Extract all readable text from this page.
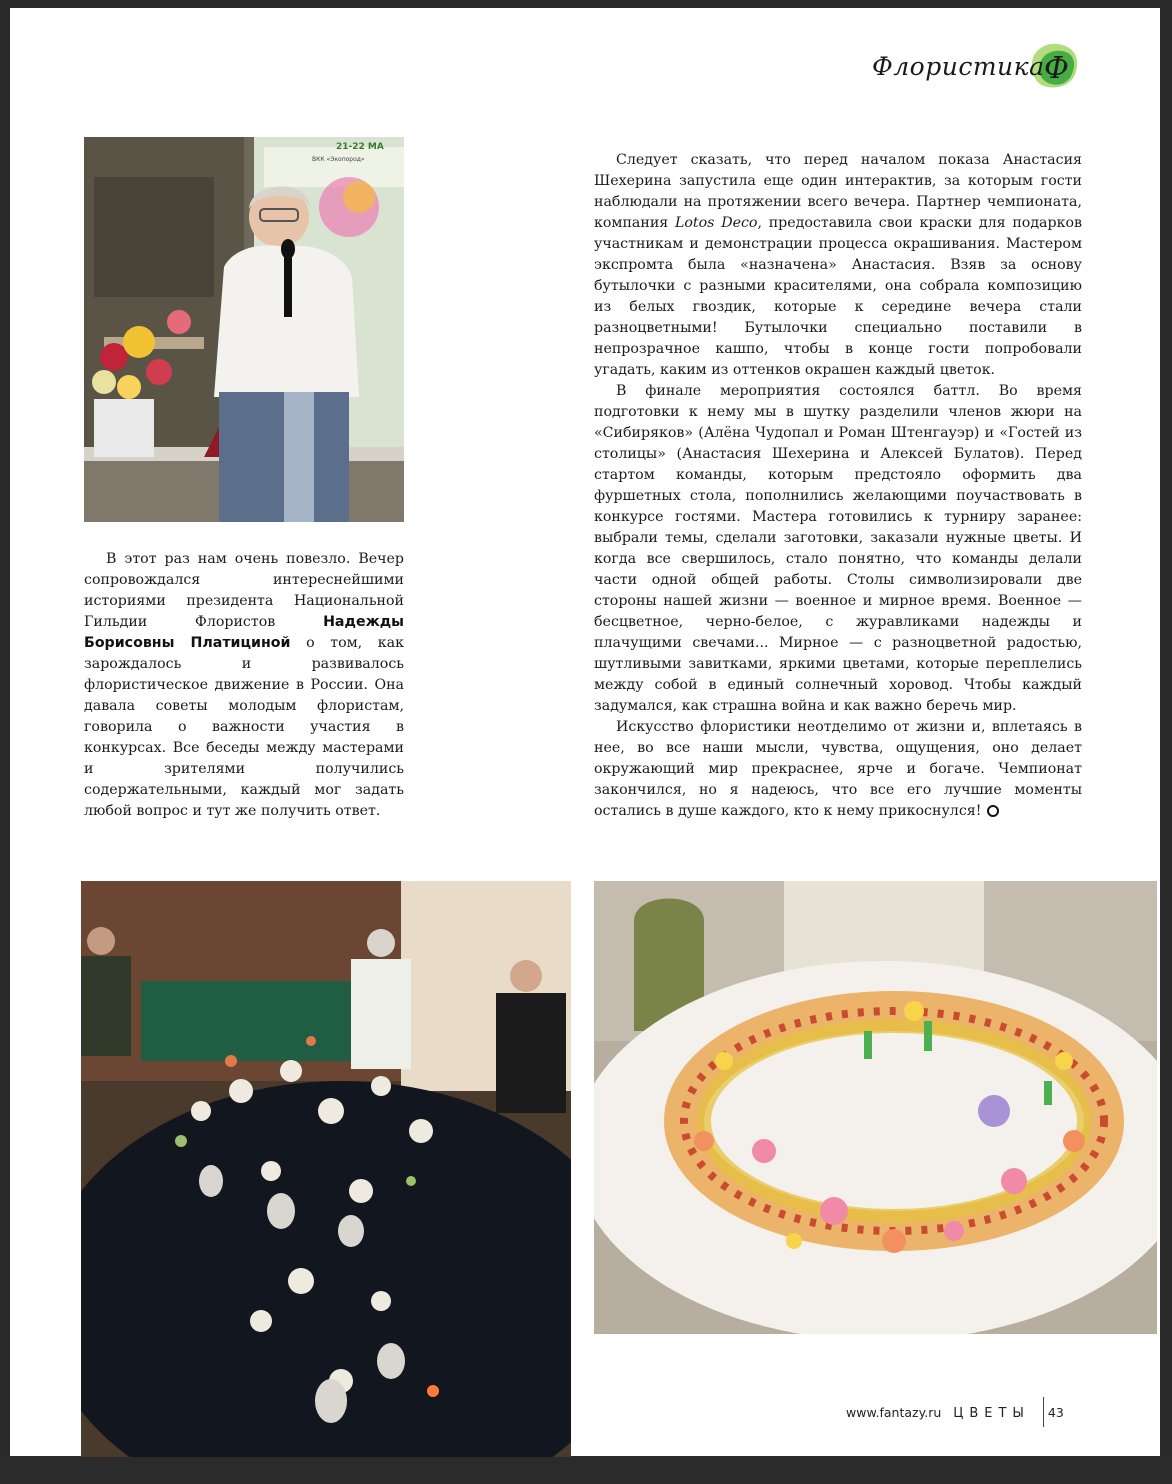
Ф
Флористика
21-22 МА
ВКК «Экопород»

В этот раз нам очень повезло. Вечер сопровождался интереснейшими историями президента Национальной Гильдии Флористов Надежды Борисовны Платициной о том, как зарождалось и развивалось флористическое движение в России. Она давала советы молодым флористам, говорила о важности участия в конкурсах. Все беседы между мастерами и зрителями получились содержательными, каждый мог задать любой вопрос и тут же получить ответ.

Следует сказать, что перед началом показа Анастасия Шехерина запустила еще один интерактив, за которым гости наблюдали на протяжении всего вечера. Партнер чемпионата, компания Lotos Deco, предоставила свои краски для подарков участникам и демонстрации процесса окрашивания. Мастером экспромта была «назначена» Анастасия. Взяв за основу бутылочки с разными красителями, она собрала композицию из белых гвоздик, которые к середине вечера стали разноцветными! Бутылочки специально поставили в непрозрачное кашпо, чтобы в конце гости попробовали угадать, каким из оттенков окрашен каждый цветок.

В финале мероприятия состоялся баттл. Во время подготовки к нему мы в шутку разделили членов жюри на «Сибиряков» (Алёна Чудопал и Роман Штенгауэр) и «Гостей из столицы» (Анастасия Шехерина и Алексей Булатов). Перед стартом команды, которым предстояло оформить два фуршетных стола, пополнились желающими поучаствовать в конкурсе гостями. Мастера готовились к турниру заранее: выбрали темы, сделали заготовки, заказали нужные цветы. И когда все свершилось, стало понятно, что команды делали части одной общей работы. Столы символизировали две стороны нашей жизни — военное и мирное время. Военное — бесцветное, черно-белое, с журавликами надежды и плачущими свечами... Мирное — с разноцветной радостью, шутливыми завитками, яркими цветами, которые переплелись между собой в единый солнечный хоровод. Чтобы каждый задумался, как страшна война и как важно беречь мир.

Искусство флористики неотделимо от жизни и, вплетаясь в нее, во все наши мысли, чувства, ощущения, оно делает окружающий мир прекраснее, ярче и богаче. Чемпионат закончился, но я надеюсь, что все его лучшие моменты остались в душе каждого, кто к нему прикоснулся!

www.fantazy.ru ЦВЕТЫ 43
